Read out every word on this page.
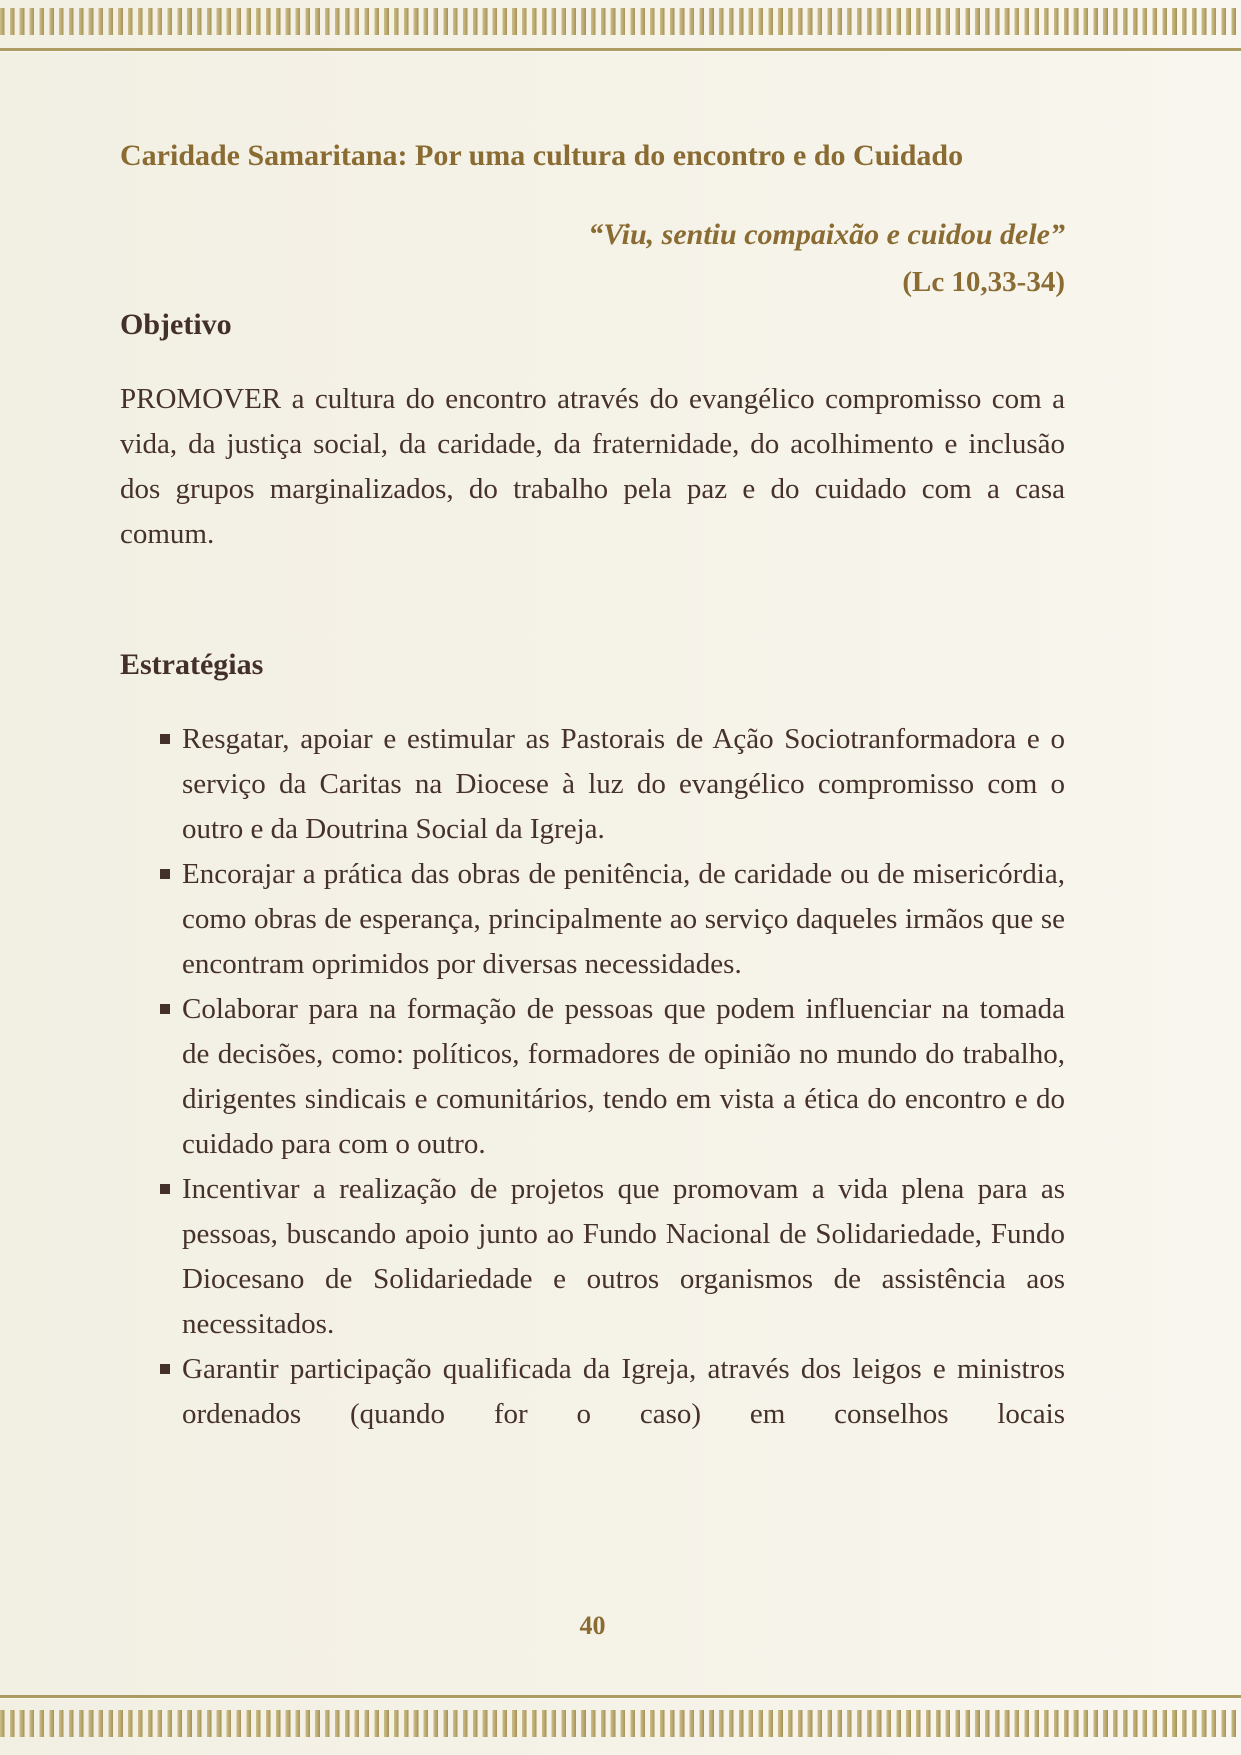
Caridade Samaritana: Por uma cultura do encontro e do Cuidado
“Viu, sentiu compaixão e cuidou dele”
(Lc 10,33-34)
Objetivo

PROMOVER a cultura do encontro através do evangélico compromisso com a vida, da justiça social, da caridade, da fraternidade, do acolhimento e inclusão dos grupos marginalizados, do trabalho pela paz e do cuidado com a casa comum.

Estratégias
Resgatar, apoiar e estimular as Pastorais de Ação Sociotranformadora e o serviço da Caritas na Diocese à luz do evangélico compromisso com o outro e da Doutrina Social da Igreja.
Encorajar a prática das obras de penitência, de caridade ou de misericórdia, como obras de esperança, principalmente ao serviço daqueles irmãos que se encontram oprimidos por diversas necessidades.
Colaborar para na formação de pessoas que podem influenciar na tomada de decisões, como: políticos, formadores de opinião no mundo do trabalho, dirigentes sindicais e comunitários, tendo em vista a ética do encontro e do cuidado para com o outro.
Incentivar a realização de projetos que promovam a vida plena para as pessoas, buscando apoio junto ao Fundo Nacional de Solidariedade, Fundo Diocesano de Solidariedade e outros organismos de assistência aos necessitados.
Garantir participação qualificada da Igreja, através dos leigos e ministros ordenados (quando for o caso) em conselhos locais
40
